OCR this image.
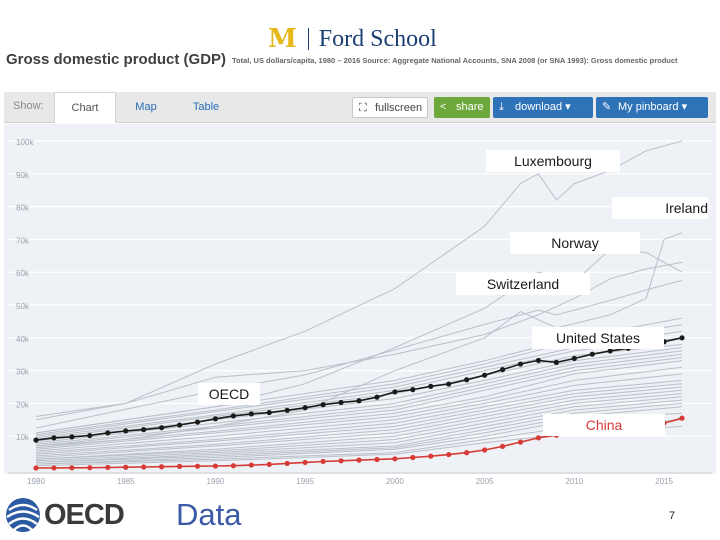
M Ford School
Gross domestic product (GDP) Total, US dollars/capita, 1980 – 2016 Source: Aggregate National Accounts, SNA 2008 (or SNA 1993): Gross domestic product
Show:	Chart	Map	Table	⛶ fullscreen	< share	⤓ download ▾	✎ My pinboard ▾
10k
20k
30k
40k
50k
60k
70k
80k
90k
100k
1980	1985	1990	1995	2000	2005	2010	2015
Luxembourg
Ireland
Norway
Switzerland
United States
OECD
China
OECD Data	7
